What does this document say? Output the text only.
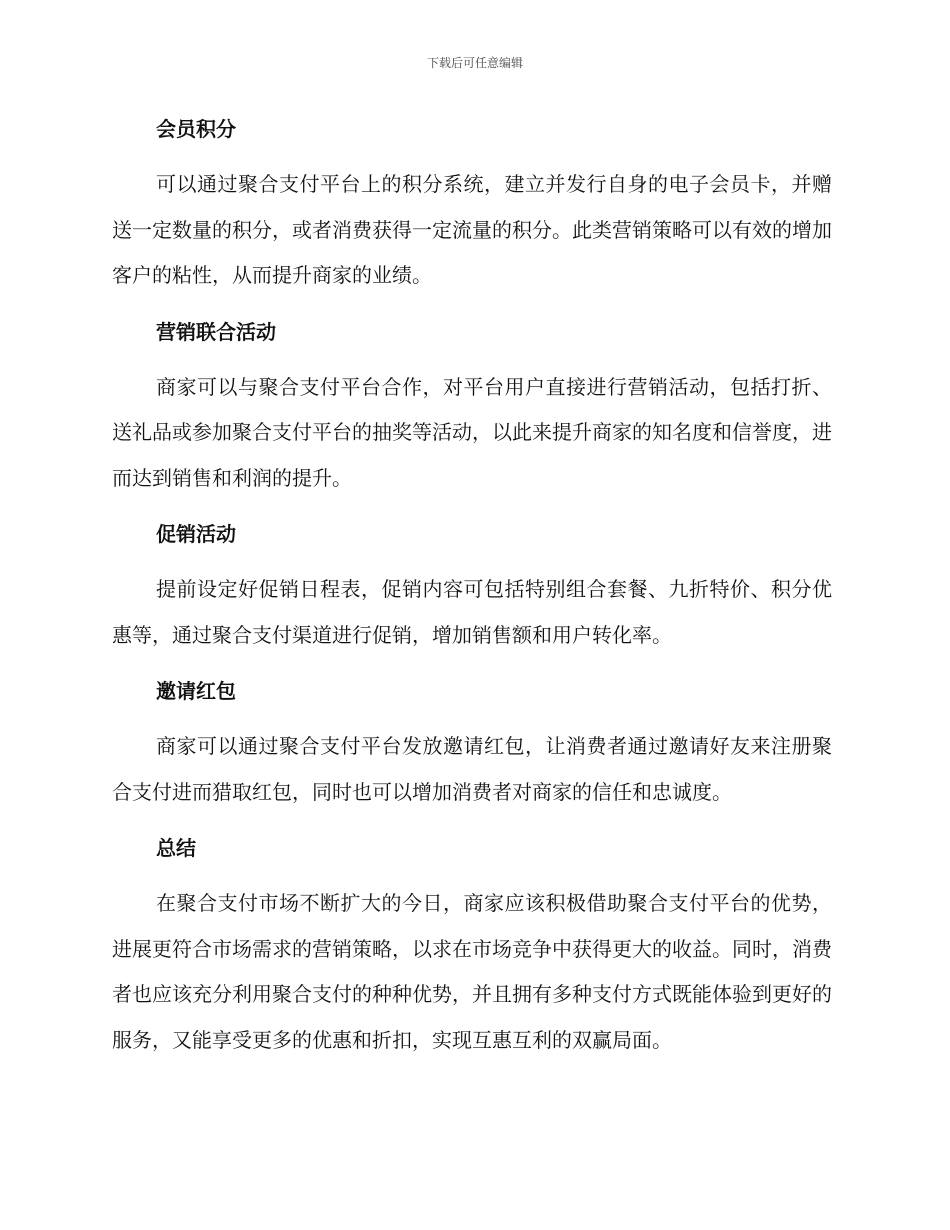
下载后可任意编辑
会员积分

可以通过聚合支付平台上的积分系统，建立并发行自身的电子会员卡，并赠送一定数量的积分，或者消费获得一定流量的积分。此类营销策略可以有效的增加客户的粘性，从而提升商家的业绩。

营销联合活动

商家可以与聚合支付平台合作，对平台用户直接进行营销活动，包括打折、送礼品或参加聚合支付平台的抽奖等活动，以此来提升商家的知名度和信誉度，进而达到销售和利润的提升。

促销活动

提前设定好促销日程表，促销内容可包括特别组合套餐、九折特价、积分优惠等，通过聚合支付渠道进行促销，增加销售额和用户转化率。

邀请红包

商家可以通过聚合支付平台发放邀请红包，让消费者通过邀请好友来注册聚合支付进而猎取红包，同时也可以增加消费者对商家的信任和忠诚度。

总结

在聚合支付市场不断扩大的今日，商家应该积极借助聚合支付平台的优势，进展更符合市场需求的营销策略，以求在市场竞争中获得更大的收益。同时，消费者也应该充分利用聚合支付的种种优势，并且拥有多种支付方式既能体验到更好的服务，又能享受更多的优惠和折扣，实现互惠互利的双赢局面。
